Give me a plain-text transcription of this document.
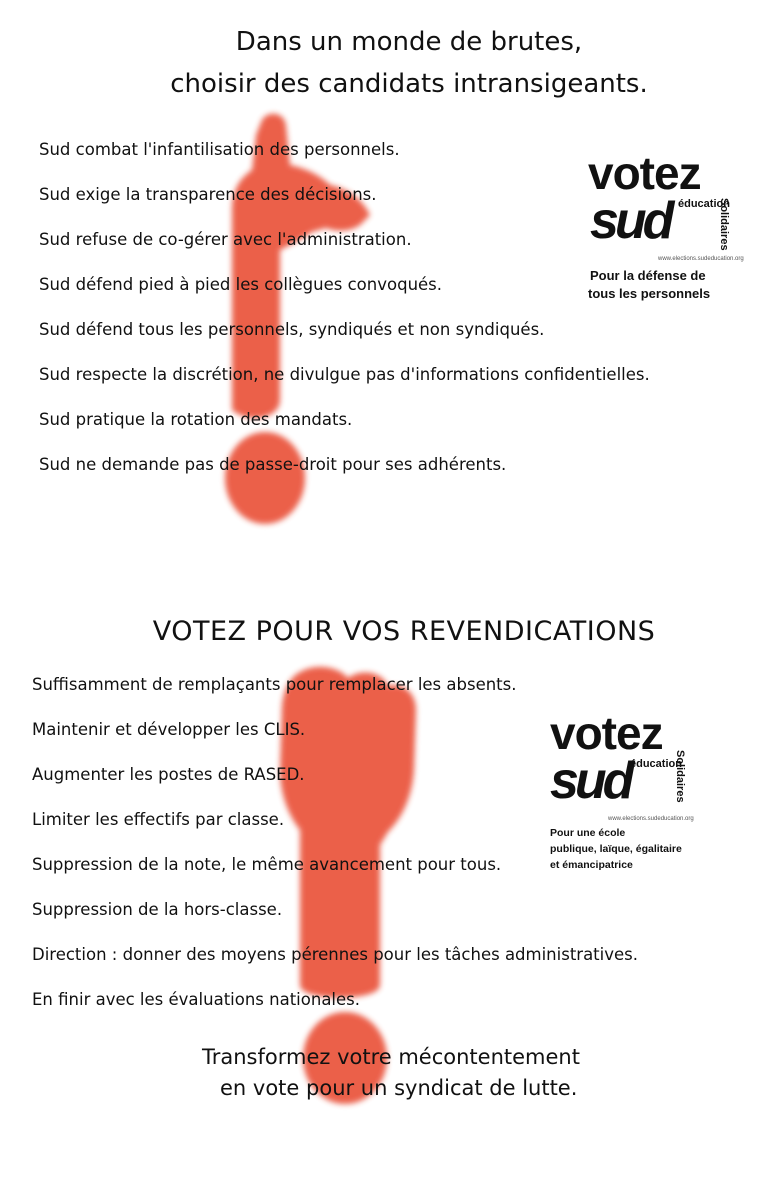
Dans un monde de brutes,
choisir des candidats intransigeants.
Sud combat l'infantilisation des personnels.
Sud exige la transparence des décisions.
Sud refuse de co-gérer avec l'administration.
Sud défend pied à pied les collègues convoqués.
Sud défend tous les personnels, syndiqués et non syndiqués.
Sud respecte la discrétion, ne divulgue pas d'informations confidentielles.
Sud pratique la rotation des mandats.
Sud ne demande pas de passe-droit pour ses adhérents.
votez
éducation
sud	Solidaires
www.elections.sudeducation.org
Pour la défense de
tous les personnels
VOTEZ POUR VOS REVENDICATIONS
Suffisamment de remplaçants pour remplacer les absents.
Maintenir et développer les CLIS.
Augmenter les postes de RASED.
Limiter les effectifs par classe.
Suppression de la note, le même avancement pour tous.
Suppression de la hors-classe.
Direction : donner des moyens pérennes pour les tâches administratives.
En finir avec les évaluations nationales.
votez
éducation
sud	Solidaires
www.elections.sudeducation.org
Pour une école
publique, laïque, égalitaire
et émancipatrice
Transformez votre mécontentement
en vote pour un syndicat de lutte.
